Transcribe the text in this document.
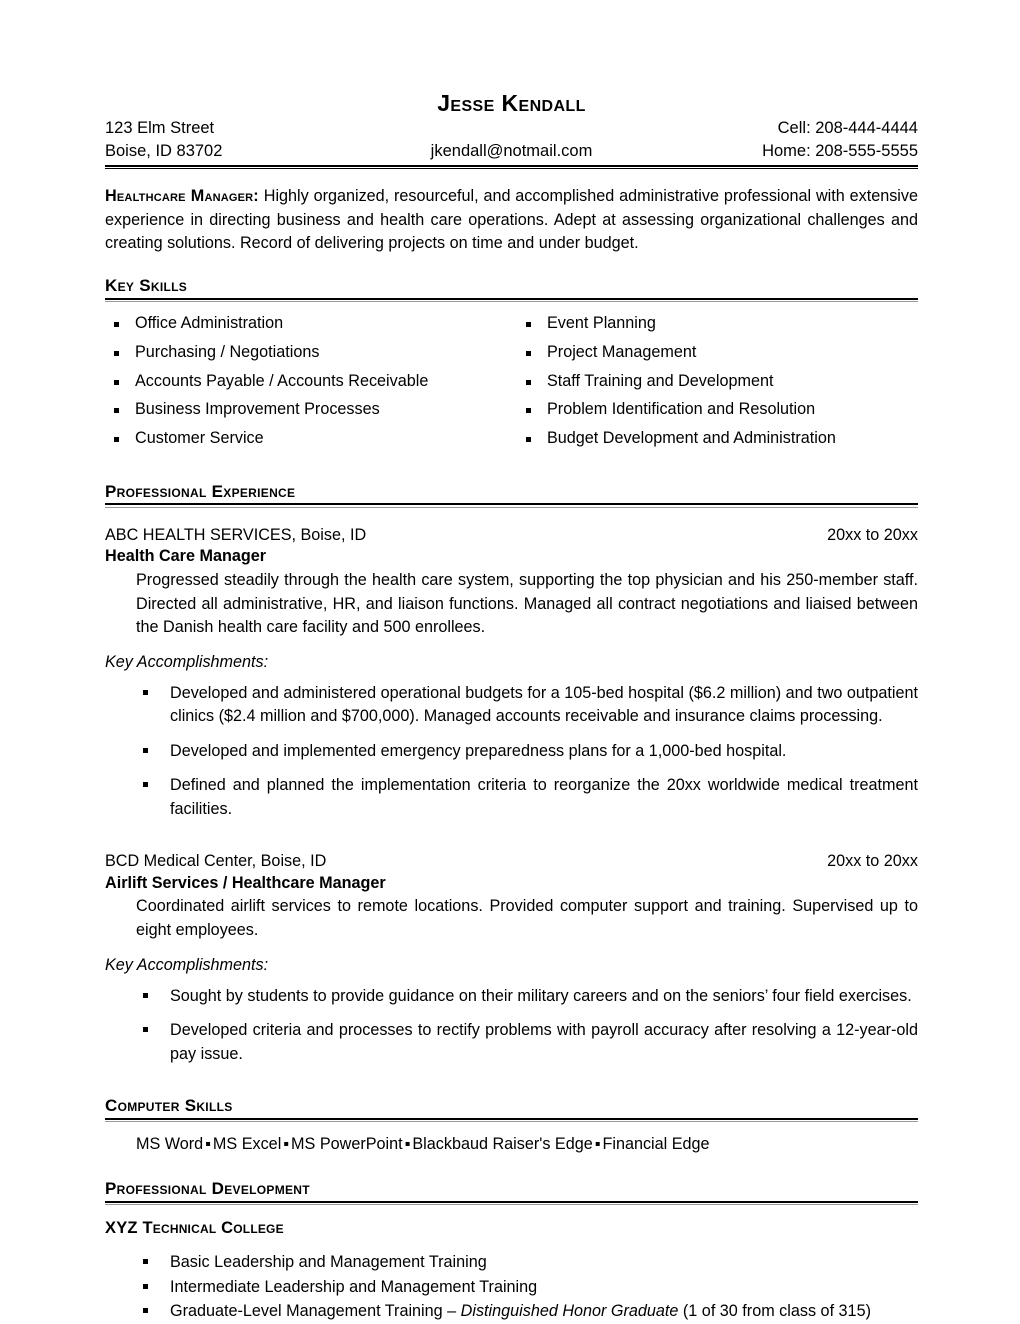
Jesse Kendall
123 Elm Street	Cell: 208-444-4444
Boise, ID 83702	jkendall@notmail.com	Home: 208-555-5555
Healthcare Manager: Highly organized, resourceful, and accomplished administrative professional with extensive experience in directing business and health care operations. Adept at assessing organizational challenges and creating solutions. Record of delivering projects on time and under budget.
Key Skills
Office Administration
Purchasing / Negotiations
Accounts Payable / Accounts Receivable
Business Improvement Processes
Customer Service
Event Planning
Project Management
Staff Training and Development
Problem Identification and Resolution
Budget Development and Administration
Professional Experience
ABC HEALTH SERVICES, Boise, ID	20xx to 20xx
Health Care Manager
Progressed steadily through the health care system, supporting the top physician and his 250-member staff. Directed all administrative, HR, and liaison functions. Managed all contract negotiations and liaised between the Danish health care facility and 500 enrollees.
Key Accomplishments:
Developed and administered operational budgets for a 105-bed hospital ($6.2 million) and two outpatient clinics ($2.4 million and $700,000). Managed accounts receivable and insurance claims processing.
Developed and implemented emergency preparedness plans for a 1,000-bed hospital.
Defined and planned the implementation criteria to reorganize the 20xx worldwide medical treatment facilities.
BCD Medical Center, Boise, ID	20xx to 20xx
Airlift Services / Healthcare Manager
Coordinated airlift services to remote locations. Provided computer support and training. Supervised up to eight employees.
Key Accomplishments:
Sought by students to provide guidance on their military careers and on the seniors’ four field exercises.
Developed criteria and processes to rectify problems with payroll accuracy after resolving a 12-year-old pay issue.
Computer Skills
MS Word ▪ MS Excel ▪ MS PowerPoint ▪ Blackbaud Raiser's Edge ▪ Financial Edge
Professional Development
XYZ Technical College
Basic Leadership and Management Training
Intermediate Leadership and Management Training
Graduate-Level Management Training – Distinguished Honor Graduate (1 of 30 from class of 315)
